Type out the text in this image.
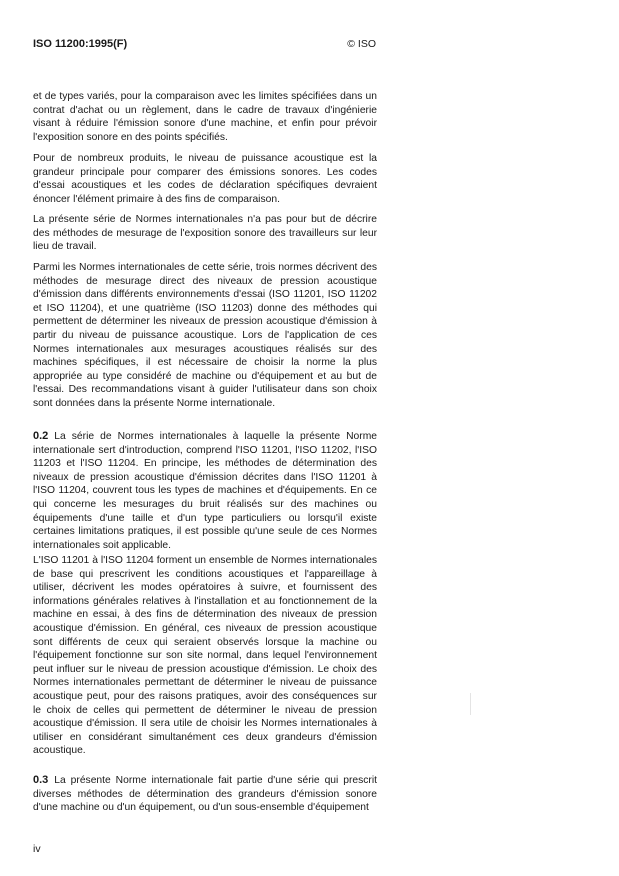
ISO 11200:1995(F)	© ISO

et de types variés, pour la comparaison avec les limites spécifiées dans un contrat d'achat ou un règlement, dans le cadre de travaux d'ingénierie visant à réduire l'émission sonore d'une machine, et enfin pour prévoir l'exposition sonore en des points spécifiés.

Pour de nombreux produits, le niveau de puissance acoustique est la grandeur principale pour comparer des émissions sonores. Les codes d'essai acoustiques et les codes de déclaration spécifiques devraient énoncer l'élément primaire à des fins de comparaison.

La présente série de Normes internationales n'a pas pour but de décrire des méthodes de mesurage de l'exposition sonore des travailleurs sur leur lieu de travail.

Parmi les Normes internationales de cette série, trois normes décrivent des méthodes de mesurage direct des niveaux de pression acoustique d'émission dans différents environnements d'essai (ISO 11201, ISO 11202 et ISO 11204), et une quatrième (ISO 11203) donne des méthodes qui permettent de déterminer les niveaux de pression acoustique d'émission à partir du niveau de puissance acoustique. Lors de l'application de ces Normes internationales aux mesurages acoustiques réalisés sur des machines spécifiques, il est nécessaire de choisir la norme la plus appropriée au type considéré de machine ou d'équipement et au but de l'essai. Des recommandations visant à guider l'utilisateur dans son choix sont données dans la présente Norme internationale.

0.2 La série de Normes internationales à laquelle la présente Norme internationale sert d'introduction, comprend l'ISO 11201, l'ISO 11202, l'ISO 11203 et l'ISO 11204. En principe, les méthodes de détermination des niveaux de pression acoustique d'émission décrites dans l'ISO 11201 à l'ISO 11204, couvrent tous les types de machines et d'équipements. En ce qui concerne les mesurages du bruit réalisés sur des machines ou équipements d'une taille et d'un type particuliers ou lorsqu'il existe certaines limitations pratiques, il est possible qu'une seule de ces Normes internationales soit applicable.

L'ISO 11201 à l'ISO 11204 forment un ensemble de Normes internationales de base qui prescrivent les conditions acoustiques et l'appareillage à utiliser, décrivent les modes opératoires à suivre, et fournissent des informations générales relatives à l'installation et au fonctionnement de la machine en essai, à des fins de détermination des niveaux de pression acoustique d'émission. En général, ces niveaux de pression acoustique sont différents de ceux qui seraient observés lorsque la machine ou l'équipement fonctionne sur son site normal, dans lequel l'environnement peut influer sur le niveau de pression acoustique d'émission. Le choix des Normes internationales permettant de déterminer le niveau de puissance acoustique peut, pour des raisons pratiques, avoir des conséquences sur le choix de celles qui permettent de déterminer le niveau de pression acoustique d'émission. Il sera utile de choisir les Normes internationales à utiliser en considérant simultanément ces deux grandeurs d'émission acoustique.

0.3 La présente Norme internationale fait partie d'une série qui prescrit diverses méthodes de détermination des grandeurs d'émission sonore d'une machine ou d'un équipement, ou d'un sous-ensemble d'équipement

iv
